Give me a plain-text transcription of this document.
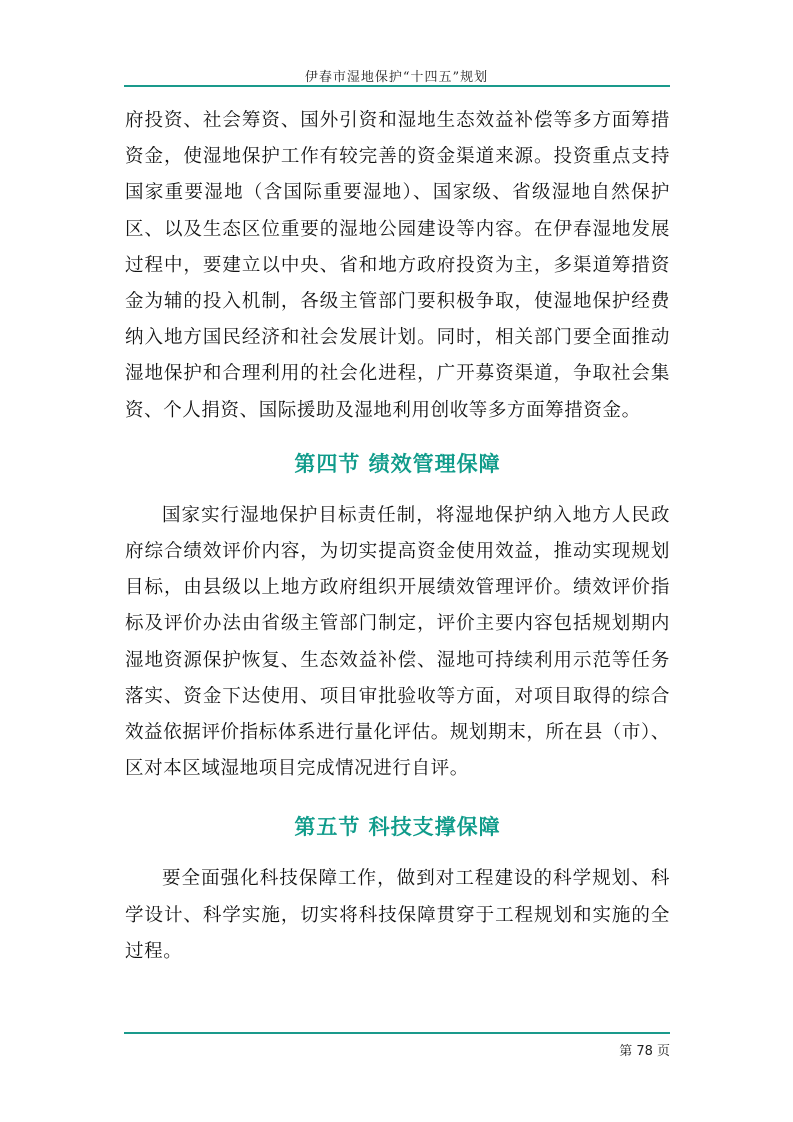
伊春市湿地保护“十四五”规划

府投资、社会筹资、国外引资和湿地生态效益补偿等多方面筹措资金，使湿地保护工作有较完善的资金渠道来源。投资重点支持国家重要湿地（含国际重要湿地）、国家级、省级湿地自然保护区、以及生态区位重要的湿地公园建设等内容。在伊春湿地发展过程中，要建立以中央、省和地方政府投资为主，多渠道筹措资金为辅的投入机制，各级主管部门要积极争取，使湿地保护经费纳入地方国民经济和社会发展计划。同时，相关部门要全面推动湿地保护和合理利用的社会化进程，广开募资渠道，争取社会集资、个人捐资、国际援助及湿地利用创收等多方面筹措资金。

第四节 绩效管理保障

国家实行湿地保护目标责任制，将湿地保护纳入地方人民政府综合绩效评价内容，为切实提高资金使用效益，推动实现规划目标，由县级以上地方政府组织开展绩效管理评价。绩效评价指标及评价办法由省级主管部门制定，评价主要内容包括规划期内湿地资源保护恢复、生态效益补偿、湿地可持续利用示范等任务落实、资金下达使用、项目审批验收等方面，对项目取得的综合效益依据评价指标体系进行量化评估。规划期末，所在县（市）、区对本区域湿地项目完成情况进行自评。

第五节 科技支撑保障

要全面强化科技保障工作，做到对工程建设的科学规划、科学设计、科学实施，切实将科技保障贯穿于工程规划和实施的全过程。

第 78 页
